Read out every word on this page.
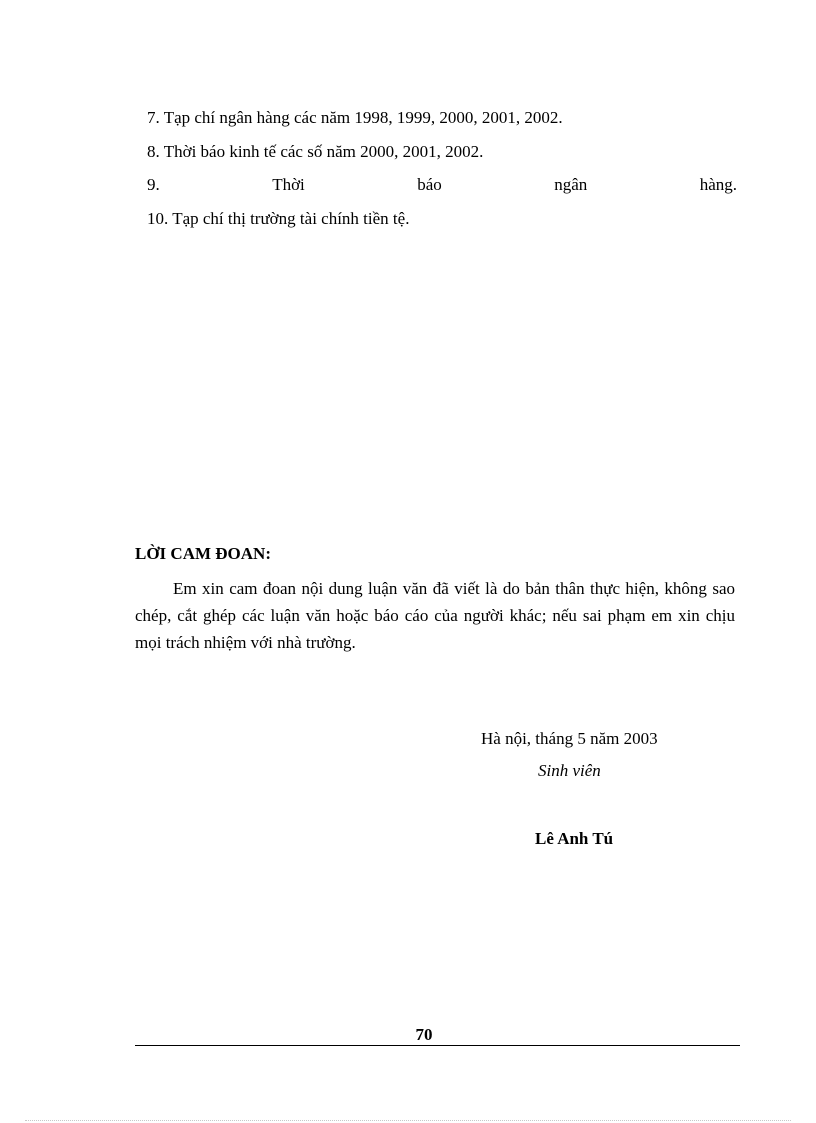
7. Tạp chí ngân hàng các năm 1998, 1999, 2000, 2001, 2002.
8. Thời báo kinh tế các số năm 2000, 2001, 2002.
9.	Thời	báo	ngân	hàng.
10. Tạp chí thị trường tài chính tiền tệ.
LỜI CAM ĐOAN:

Em xin cam đoan nội dung luận văn đã viết là do bản thân thực hiện, không sao chép, cắt ghép các luận văn hoặc báo cáo của người khác; nếu sai phạm em xin chịu mọi trách nhiệm với nhà trường.

Hà nội, tháng 5 năm 2003
Sinh viên
Lê Anh Tú
70
